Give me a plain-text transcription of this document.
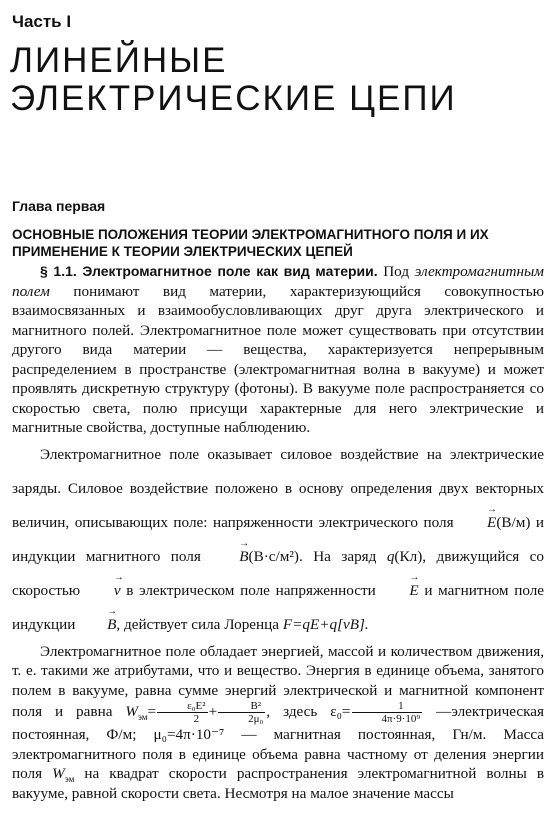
Часть I
ЛИНЕЙНЫЕ
ЭЛЕКТРИЧЕСКИЕ ЦЕПИ
Глава первая
ОСНОВНЫЕ ПОЛОЖЕНИЯ ТЕОРИИ ЭЛЕКТРОМАГНИТНОГО ПОЛЯ И ИХ ПРИМЕНЕНИЕ К ТЕОРИИ ЭЛЕКТРИЧЕСКИХ ЦЕПЕЙ

§ 1.1. Электромагнитное поле как вид материи. Под электромагнитным полем понимают вид материи, характеризующийся совокупностью взаимосвязанных и взаимообусловливающих друг друга электрического и магнитного полей. Электромагнитное поле может существовать при отсутствии другого вида материи — вещества, характеризуется непрерывным распределением в пространстве (электромагнитная волна в вакууме) и может проявлять дискретную структуру (фотоны). В вакууме поле распространяется со скоростью света, полю присущи характерные для него электрические и магнитные свойства, доступные наблюдению.

Электромагнитное поле оказывает силовое воздействие на электрические заряды. Силовое воздействие положено в основу определения двух векторных величин, описывающих поле: напряженности электрического поля → E(В/м) и индукции магнитного поля	→ B(В·с/м²). На заряд q(Кл), движущийся со скоростью → v в электрическом поле напряженности → E и магнитном поле индукции → B, действует сила Лоренца F=qE+q[vB].

Электромагнитное поле обладает энергией, массой и количеством движения, т. е. такими же атрибутами, что и вещество. Энергия в единице объема, занятого полем в вакууме, равна сумме энергий электрической и магнитной компонент поля и равна $W_{эм}= \frac{\text{ε₀E²}}{2} + \frac{\text{B²}}{\text{2μ₀}}$ , здесь $\varepsilon_0= \frac{1}{\text{4π·9·10⁹}}$ —электрическая постоянная, Ф/м; μ₀=4π·10⁻⁷ — магнитная постоянная, Гн/м. Масса электромагнитного поля в единице объема равна частному от деления энергии поля $W_{эм}$ на квадрат скорости распространения электромагнитной волны в вакууме, равной скорости света. Несмотря на малое значение массы
